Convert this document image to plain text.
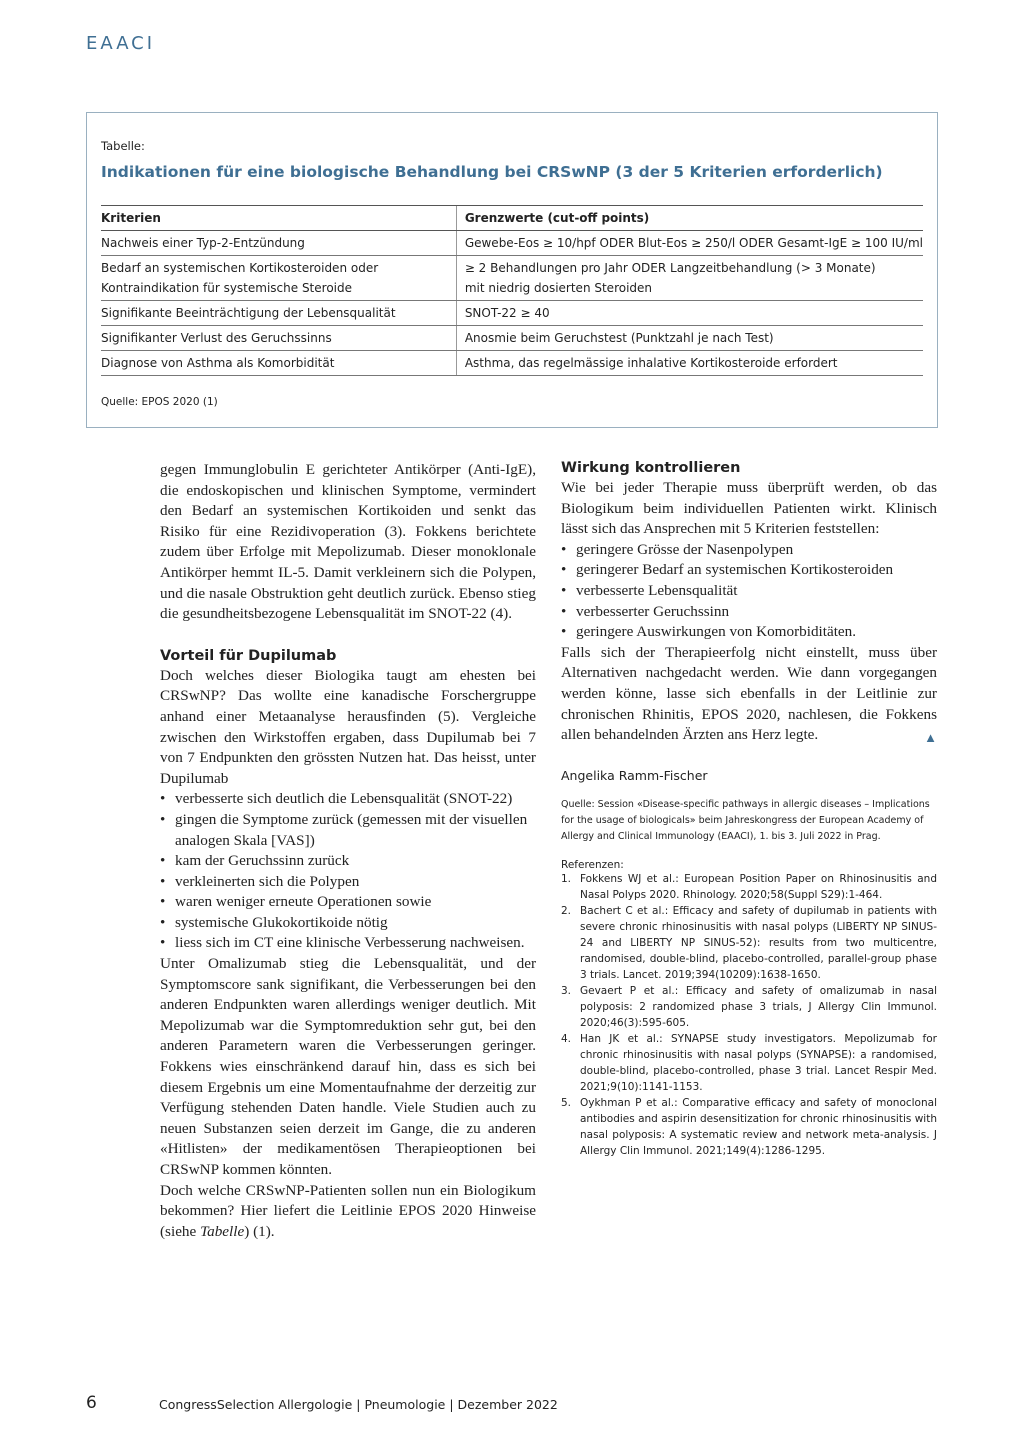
EAACI
Tabelle:
Indikationen für eine biologische Behandlung bei CRSwNP (3 der 5 Kriterien erforderlich)
Kriterien	Grenzwerte (cut-off points)

Nachweis einer Typ-2-Entzündung	Gewebe-Eos ≥ 10/hpf ODER Blut-Eos ≥ 250/l ODER Gesamt-IgE ≥ 100 IU/ml

Bedarf an systemischen Kortikosteroiden oder
Kontraindikation für systemische Steroide	≥ 2 Behandlungen pro Jahr ODER Langzeitbehandlung (> 3 Monate)
mit niedrig dosierten Steroiden

Signifikante Beeinträchtigung der Lebensqualität	SNOT-22 ≥ 40

Signifikanter Verlust des Geruchssinns	Anosmie beim Geruchstest (Punktzahl je nach Test)

Diagnose von Asthma als Komorbidität	Asthma, das regelmässige inhalative Kortikosteroide erfordert
Quelle: EPOS 2020 (1)

gegen Immunglobulin E gerichteter Antikörper (Anti-IgE), die endoskopischen und klinischen Symptome, vermindert den Bedarf an systemischen Kortikoiden und senkt das Risiko für eine Rezidivoperation (3). Fokkens berichtete zudem über Erfolge mit Mepolizumab. Dieser monoklonale Antikörper hemmt IL-5. Damit verkleinern sich die Polypen, und die nasale Obstruktion geht deutlich zurück. Ebenso stieg die gesundheitsbezogene Lebensqualität im SNOT-22 (4).

Vorteil für Dupilumab

Doch welches dieser Biologika taugt am ehesten bei CRSwNP? Das wollte eine kanadische Forschergruppe anhand einer Metaanalyse herausfinden (5). Vergleiche zwischen den Wirkstoffen ergaben, dass Dupilumab bei 7 von 7 Endpunkten den grössten Nutzen hat. Das heisst, unter Dupilumab

• verbesserte sich deutlich die Lebensqualität (SNOT-22)
• gingen die Symptome zurück (gemessen mit der visuellen analogen Skala [VAS])
• kam der Geruchssinn zurück
• verkleinerten sich die Polypen
• waren weniger erneute Operationen sowie
• systemische Glukokortikoide nötig
• liess sich im CT eine klinische Verbesserung nachweisen.

Unter Omalizumab stieg die Lebensqualität, und der Symptomscore sank signifikant, die Verbesserungen bei den anderen Endpunkten waren allerdings weniger deutlich. Mit Mepolizumab war die Symptomreduktion sehr gut, bei den anderen Parametern waren die Verbesserungen geringer. Fokkens wies einschränkend darauf hin, dass es sich bei diesem Ergebnis um eine Momentaufnahme der derzeitig zur Verfügung stehenden Daten handle. Viele Studien auch zu neuen Substanzen seien derzeit im Gange, die zu anderen «Hitlisten» der medikamentösen Therapieoptionen bei CRSwNP kommen könnten.

Doch welche CRSwNP-Patienten sollen nun ein Biologikum bekommen? Hier liefert die Leitlinie EPOS 2020 Hinweise (siehe Tabelle) (1).

Wirkung kontrollieren

Wie bei jeder Therapie muss überprüft werden, ob das Biologikum beim individuellen Patienten wirkt. Klinisch lässt sich das Ansprechen mit 5 Kriterien feststellen:

• geringere Grösse der Nasenpolypen
• geringerer Bedarf an systemischen Kortikosteroiden
• verbesserte Lebensqualität
• verbesserter Geruchssinn
• geringere Auswirkungen von Komorbiditäten.

Falls sich der Therapieerfolg nicht einstellt, muss über Alternativen nachgedacht werden. Wie dann vorgegangen werden könne, lasse sich ebenfalls in der Leitlinie zur chronischen Rhinitis, EPOS 2020, nachlesen, die Fokkens allen behandelnden Ärzten ans Herz legte.	▲

Angelika Ramm-Fischer

Quelle: Session «Disease-specific pathways in allergic diseases – Implications for the usage of biologicals» beim Jahreskongress der European Academy of Allergy and Clinical Immunology (EAACI), 1. bis 3. Juli 2022 in Prag.

Referenzen:

1. Fokkens WJ et al.: European Position Paper on Rhinosinusitis and Nasal Polyps 2020. Rhinology. 2020;58(Suppl S29):1-464.
2. Bachert C et al.: Efficacy and safety of dupilumab in patients with severe chronic rhinosinusitis with nasal polyps (LIBERTY NP SINUS-24 and LIBERTY NP SINUS-52): results from two multicentre, randomised, double-blind, placebo-controlled, parallel-group phase 3 trials. Lancet. 2019;394(10209):1638-1650.
3. Gevaert P et al.: Efficacy and safety of omalizumab in nasal polyposis: 2 randomized phase 3 trials, J Allergy Clin Immunol. 2020;46(3):595-605.
4. Han JK et al.: SYNAPSE study investigators. Mepolizumab for chronic rhinosinusitis with nasal polyps (SYNAPSE): a randomised, double-blind, placebo-controlled, phase 3 trial. Lancet Respir Med. 2021;9(10):1141-1153.
5. Oykhman P et al.: Comparative efficacy and safety of monoclonal antibodies and aspirin desensitization for chronic rhinosinusitis with nasal polyposis: A systematic review and network meta-analysis. J Allergy Clin Immunol. 2021;149(4):1286-1295.
6	CongressSelection Allergologie | Pneumologie | Dezember 2022
